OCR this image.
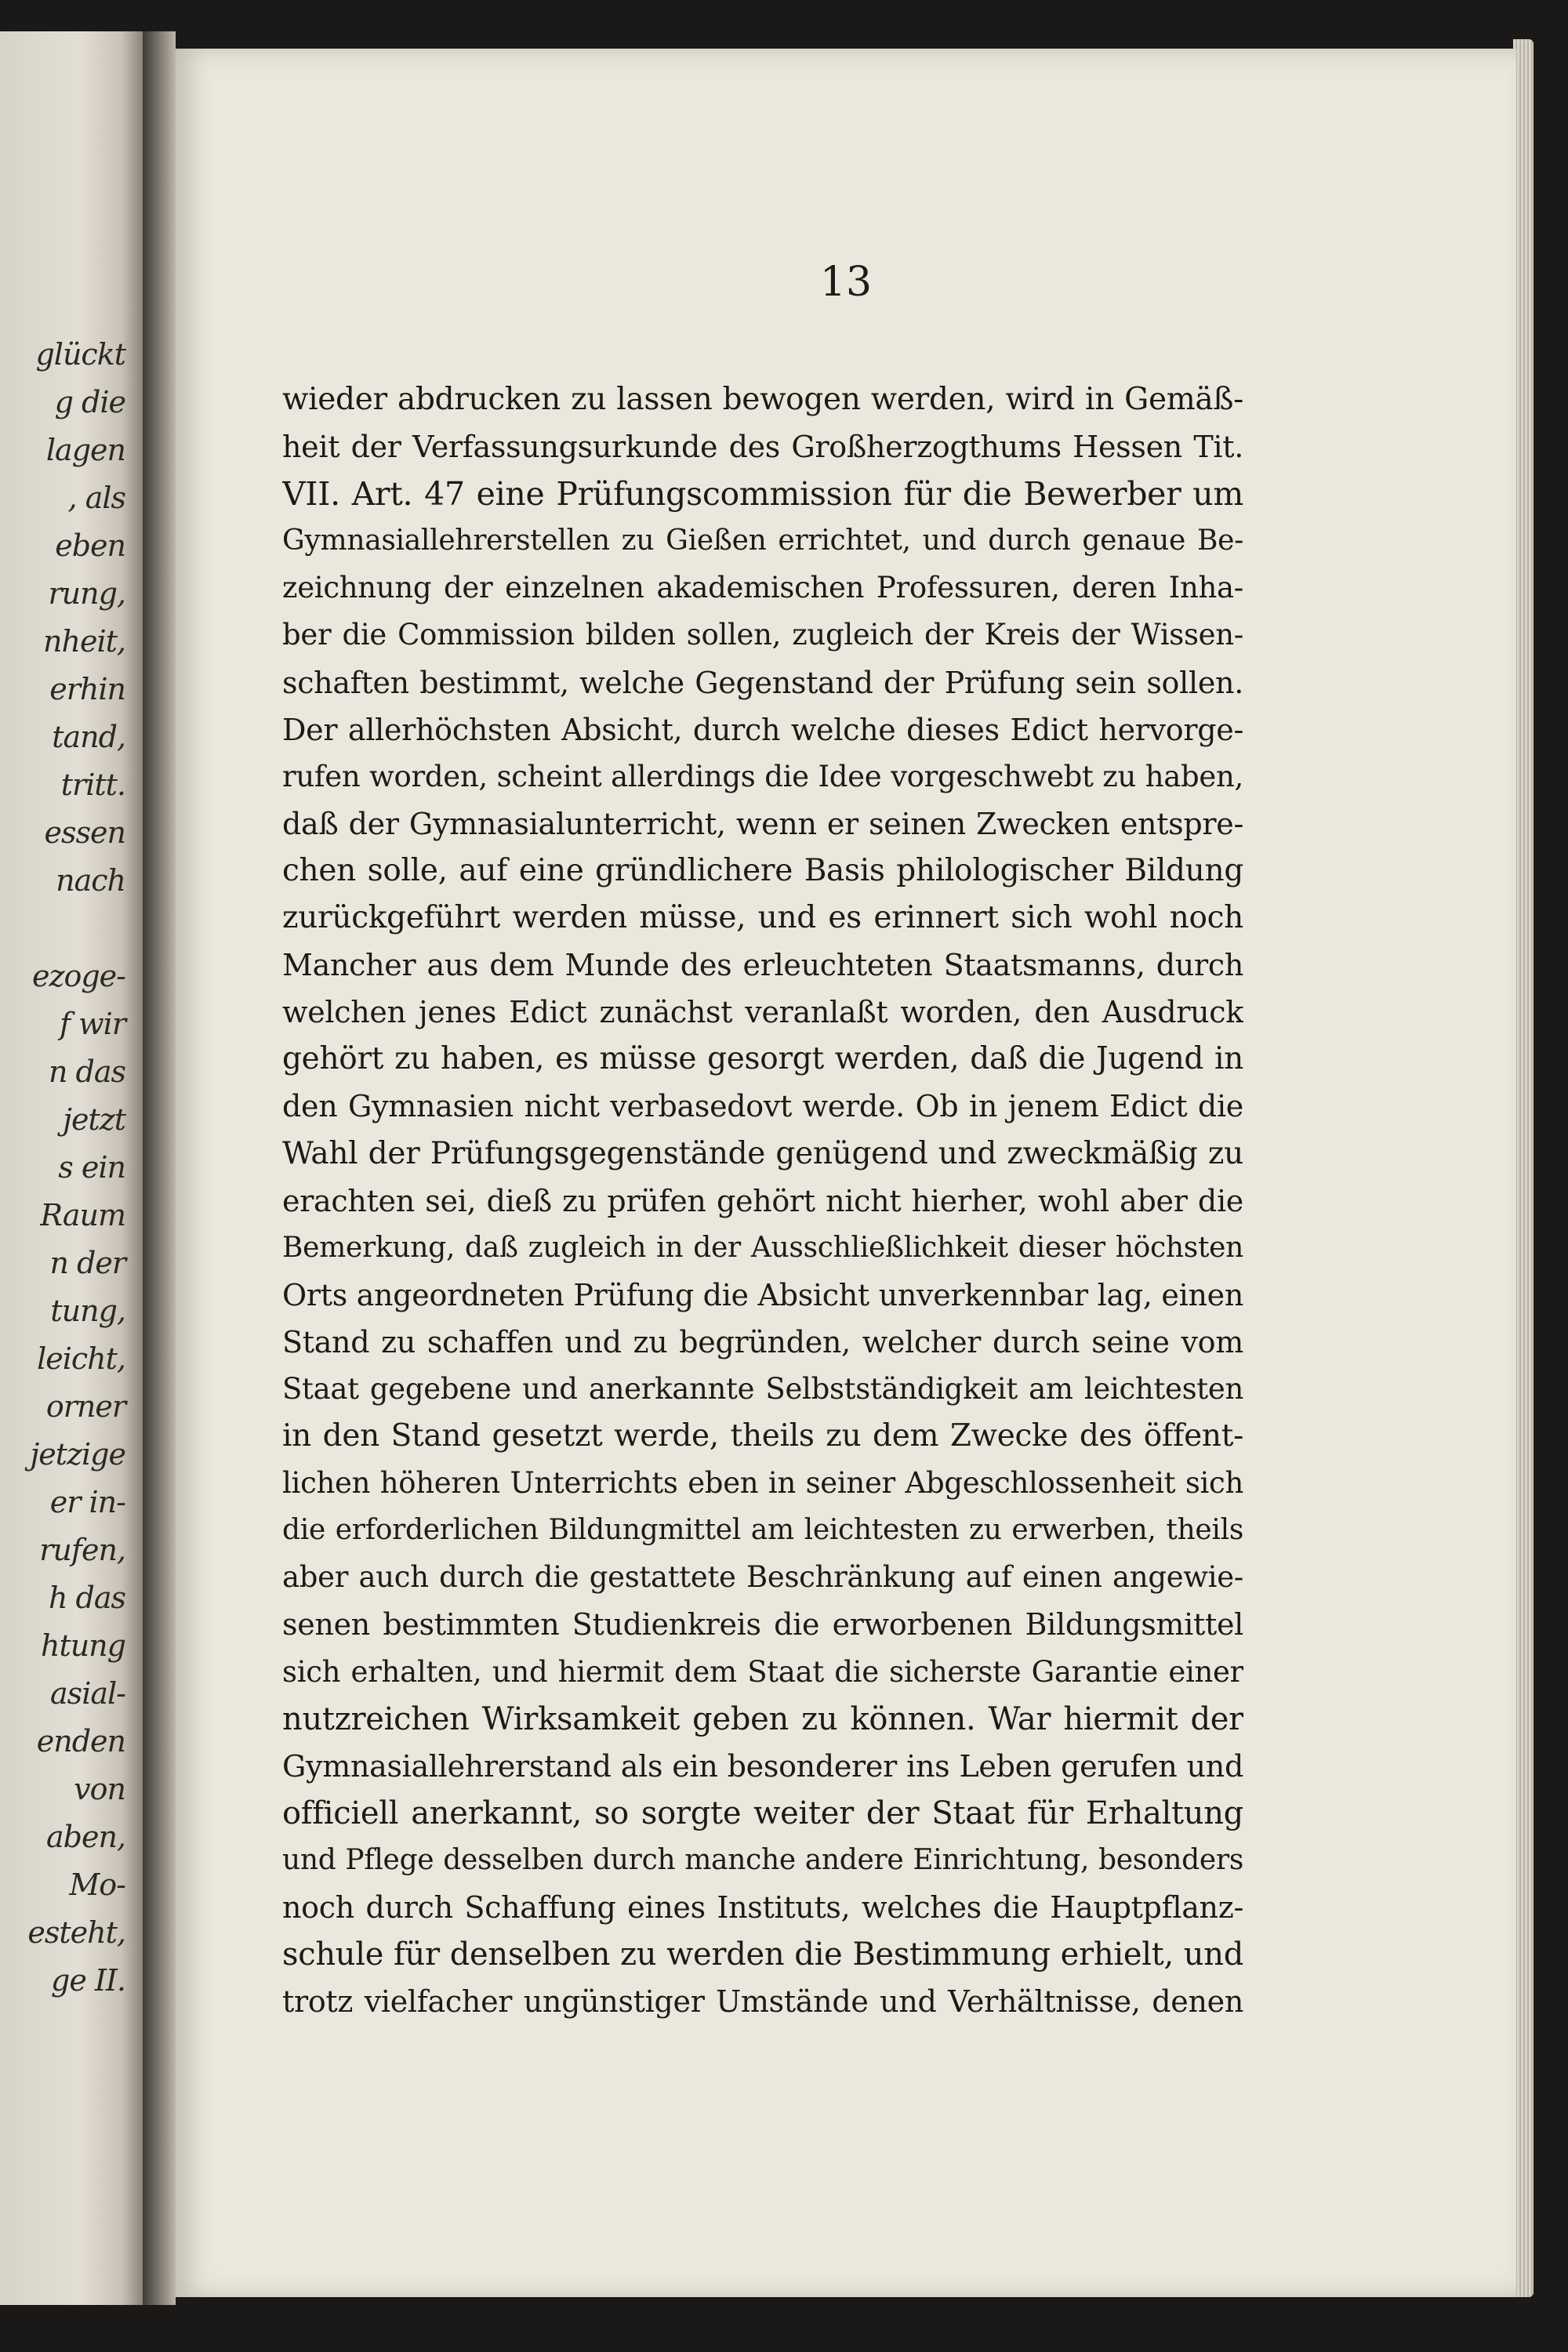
glückt
g die
lagen
, als
eben
rung,
nheit,
erhin
tand,
tritt.
essen
nach
ezoge-
f wir
n das
jetzt
s ein
Raum
n der
tung,
leicht,
orner
jetzige
er in-
rufen,
h das
htung
asial-
enden
von
aben,
Mo-
esteht,
ge II.
13
wieder abdrucken zu lassen bewogen werden, wird in Gemäß-
heit der Verfassungsurkunde des Großherzogthums Hessen Tit.
VII. Art. 47 eine Prüfungscommission für die Bewerber um
Gymnasiallehrerstellen zu Gießen errichtet, und durch genaue Be-
zeichnung der einzelnen akademischen Professuren, deren Inha-
ber die Commission bilden sollen, zugleich der Kreis der Wissen-
schaften bestimmt, welche Gegenstand der Prüfung sein sollen.
Der allerhöchsten Absicht, durch welche dieses Edict hervorge-
rufen worden, scheint allerdings die Idee vorgeschwebt zu haben,
daß der Gymnasialunterricht, wenn er seinen Zwecken entspre-
chen solle, auf eine gründlichere Basis philologischer Bildung
zurückgeführt werden müsse, und es erinnert sich wohl noch
Mancher aus dem Munde des erleuchteten Staatsmanns, durch
welchen jenes Edict zunächst veranlaßt worden, den Ausdruck
gehört zu haben, es müsse gesorgt werden, daß die Jugend in
den Gymnasien nicht verbasedovt werde. Ob in jenem Edict die
Wahl der Prüfungsgegenstände genügend und zweckmäßig zu
erachten sei, dieß zu prüfen gehört nicht hierher, wohl aber die
Bemerkung, daß zugleich in der Ausschließlichkeit dieser höchsten
Orts angeordneten Prüfung die Absicht unverkennbar lag, einen
Stand zu schaffen und zu begründen, welcher durch seine vom
Staat gegebene und anerkannte Selbstständigkeit am leichtesten
in den Stand gesetzt werde, theils zu dem Zwecke des öffent-
lichen höheren Unterrichts eben in seiner Abgeschlossenheit sich
die erforderlichen Bildungmittel am leichtesten zu erwerben, theils
aber auch durch die gestattete Beschränkung auf einen angewie-
senen bestimmten Studienkreis die erworbenen Bildungsmittel
sich erhalten, und hiermit dem Staat die sicherste Garantie einer
nutzreichen Wirksamkeit geben zu können. War hiermit der
Gymnasiallehrerstand als ein besonderer ins Leben gerufen und
officiell anerkannt, so sorgte weiter der Staat für Erhaltung
und Pflege desselben durch manche andere Einrichtung, besonders
noch durch Schaffung eines Instituts, welches die Hauptpflanz-
schule für denselben zu werden die Bestimmung erhielt, und
trotz vielfacher ungünstiger Umstände und Verhältnisse, denen
